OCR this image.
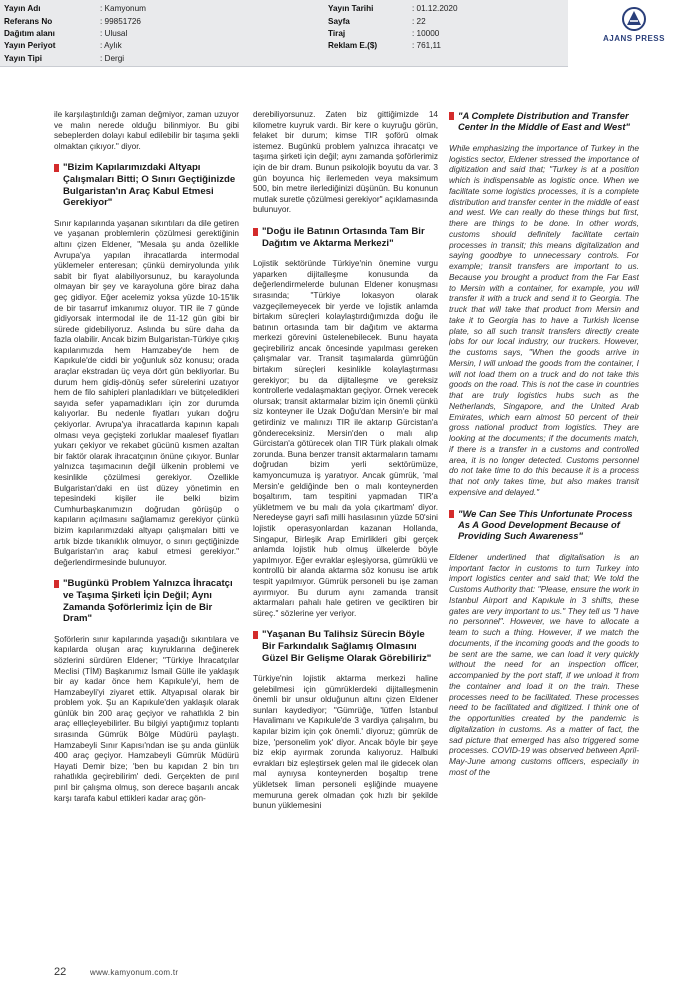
Yayın Adı	: Kamyonum	Yayın Tarihi	: 01.12.2020
Referans No	: 99851726	Sayfa	: 22
Dağıtım alanı	: Ulusal	Tiraj	: 10000
Yayın Periyot	: Aylık	Reklam E.($)	: 761,11
Yayın Tipi	: Dergi
AJANS PRESS

ile karşılaştırıldığı zaman değmiyor, zaman uzuyor ve malın nerede olduğu bilinmiyor. Bu gibi sebeplerden dolayı kabul edilebilir bir taşıma şekli olmaktan çıkıyor." diyor.

"Bizim Kapılarımızdaki Altyapı Çalışmaları Bitti; O Sınırı Geçtiğinizde Bulgaristan'ın Araç Kabul Etmesi Gerekiyor"

Sınır kapılarında yaşanan sıkıntıları da dile getiren ve yaşanan problemlerin çözülmesi gerektiğinin altını çizen Eldener, "Mesala şu anda özellikle Avrupa'ya yapılan ihracatlarda intermodal yüklemeler enteresan; çünkü demiryolunda yılık sabit bir fiyat alabiliyorsunuz, bu karayolunda olmayan bir şey ve karayoluna göre biraz daha geç gidiyor. Eğer acelemiz yoksa yüzde 10-15'lik de bir tasarruf imkanımız oluyor. TIR ile 7 günde gidiyorsak intermodal ile de 11-12 gün gibi bir sürede gidebiliyoruz. Aslında bu süre daha da fazla olabilir. Ancak bizim Bulgaristan-Türkiye çıkış kapılarımızda hem Hamzabey'de hem de Kapıkule'de ciddi bir yoğunluk söz konusu; orada araçlar ekstradan üç veya dört gün bekliyorlar. Bu durum hem gidiş-dönüş sefer sürelerini uzatıyor hem de filo sahipleri planladıkları ve bütçeledikleri sayıda sefer yapamadıkları için zor durumda kalıyorlar. Bu nedenle fiyatları yukarı doğru çekiyorlar. Avrupa'ya ihracatlarda kapının kapalı olması veya geçişteki zorluklar maalesef fiyatları yukarı çekiyor ve rekabet gücünü kısmen azaltan bir faktör olarak ihracatçının önüne çıkıyor. Bunlar yalnızca taşımacının değil ülkenin problemi ve kesinlikle çözülmesi gerekiyor. Özellikle Bulgaristan'daki en üst düzey yönetimin en tepesindeki kişiler ile belki bizim Cumhurbaşkanımızın doğrudan görüşüp o kapıların açılmasını sağlamamız gerekiyor çünkü bizim kapılarımızdaki altyapı çalışmaları bitti ve artık bizde tıkanıklık olmuyor, o sınırı geçtiğinizde Bulgaristan'ın araç kabul etmesi gerekiyor." değerlendirmesinde bulunuyor.

"Bugünkü Problem Yalnızca İhracatçı ve Taşıma Şirketi İçin Değil; Aynı Zamanda Şoförlerimiz İçin de Bir Dram"

Şoförlerin sınır kapılarında yaşadığı sıkıntılara ve kapılarda oluşan araç kuyruklarına değinerek sözlerini sürdüren Eldener; "Türkiye İhracatçılar Meclisi (TİM) Başkanımız İsmail Gülle ile yaklaşık bir ay kadar önce hem Kapıkule'yi, hem de Hamzabeyli'yi ziyaret ettik. Altyapısal olarak bir problem yok. Şu an Kapıkule'den yaklaşık olarak günlük bin 200 araç geçiyor ve rahatlıkla 2 bin araç ellleçleyebilirler. Bu bilgiyi yaptığımız toplantı sırasında Gümrük Bölge Müdürü paylaştı. Hamzabeyli Sınır Kapısı'ndan ise şu anda günlük 400 araç geçiyor. Hamzabeyli Gümrük Müdürü Hayati Demir bize; 'ben bu kapıdan 2 bin tırı rahatlıkla geçirebilirim' dedi. Gerçekten de pırıl pırıl bir çalışma olmuş, son derece başarılı ancak karşı tarafa kabul ettikleri kadar araç gön-

derebiliyorsunuz. Zaten biz gittiğimizde 14 kilometre kuyruk vardı. Bir kere o kuyruğu görün, felaket bir durum; kimse TIR şoförü olmak istemez. Bugünkü problem yalnızca ihracatçı ve taşıma şirketi için değil; aynı zamanda şoförlerimiz için de bir dram. Bunun psikolojik boyutu da var. 3 gün boyunca hiç ilerlemeden veya maksimum 500, bin metre ilerlediğinizi düşünün. Bu konunun mutlak suretle çözülmesi gerekiyor" açıklamasında bulunuyor.

"Doğu ile Batının Ortasında Tam Bir Dağıtım ve Aktarma Merkezi"

Lojistik sektöründe Türkiye'nin önemine vurgu yaparken dijitalleşme konusunda da değerlendirmelerde bulunan Eldener konuşması sırasında; "Türkiye lokasyon olarak vazgeçilemeyecek bir yerde ve lojistik anlamda birtakım süreçleri kolaylaştırdığımızda doğu ile batının ortasında tam bir dağıtım ve aktarma merkezi görevini üstelenebilecek. Bunu hayata geçirebiliriz ancak öncesinde yapılması gereken çalışmalar var. Transit taşımalarda gümrüğün birtakım süreçleri kesinlikle kolaylaştırması gerekiyor; bu da dijitalleşme ve gereksiz kontrollerle vedalaşmaktan geçiyor. Örnek verecek olursak; transit aktarmalar bizim için önemli çünkü siz konteyner ile Uzak Doğu'dan Mersin'e bir mal getirdiniz ve malınızı TIR ile aktarıp Gürcistan'a göndereceksiniz. Mersin'den o malı alıp Gürcistan'a götürecek olan TIR Türk plakalı olmak zorunda. Buna benzer transit aktarmaların tamamı doğrudan bizim yerli sektörümüze, kamyoncumuza iş yaratıyor. Ancak gümrük, 'mal Mersin'e geldiğinde ben o malı konteynerden boşaltırım, tam tespitini yapmadan TIR'a yükletmem ve bu malı da yola çıkartmam' diyor. Neredeyse gayri safi milli hasılasının yüzde 50'sini lojistik operasyonlardan kazanan Hollanda, Singapur, Birleşik Arap Emirlikleri gibi gerçek anlamda lojistik hub olmuş ülkelerde böyle yapılmıyor. Eğer evraklar eşleşiyorsa, gümrüklü ve kontrollü bir alanda aktarma söz konusu ise artık tespit yapılmıyor. Gümrük personeli bu işe zaman ayırmıyor. Bu durum aynı zamanda transit aktarmaları pahalı hale getiren ve geciktiren bir süreç." sözlerine yer veriyor.

"Yaşanan Bu Talihsiz Sürecin Böyle Bir Farkındalık Sağlamış Olmasını Güzel Bir Gelişme Olarak Görebiliriz"

Türkiye'nin lojistik aktarma merkezi haline gelebilmesi için gümrüklerdeki dijitalleşmenin önemli bir unsur olduğunun altını çizen Eldener sunları kaydediyor; "Gümrüğe, 'lütfen İstanbul Havalimanı ve Kapıkule'de 3 vardiya çalışalım, bu kapılar bizim için çok önemli.' diyoruz; gümrük de bize, 'personelim yok' diyor. Ancak böyle bir şeye biz ekip ayırmak zorunda kalıyoruz. Halbuki evrakları biz eşleştirsek gelen mal ile gidecek olan mal aynıysa konteynerden boşaltıp trene yükletsek liman personeli eşliğinde muayene memuruna gerek olmadan çok hızlı bir şekilde bunun yüklemesini

"A Complete Distribution and Transfer Center In the Middle of East and West"

While emphasizing the importance of Turkey in the logistics sector, Eldener stressed the importance of digitization and said that; "Turkey is at a position which is indispensable as logistic once. When we facilitate some logistics processes, it is a complete distribution and transfer center in the middle of east and west. We can really do these things but first, there are things to be done. In other words, customs should definitely facilitate certain processes in transit; this means digitalization and saying goodbye to unnecessary controls. For example; transit transfers are important to us. Because you brought a product from the Far East to Mersin with a container, for example, you will transfer it with a truck and send it to Georgia. The truck that will take that product from Mersin and take it to Georgia has to have a Turkish license plate, so all such transit transfers directly create jobs for our local industry, our truckers. However, the customs says, "When the goods arrive in Mersin, I will unload the goods from the container, I will not load them on a truck and do not take this goods on the road. This is not the case in countries that are truly logistics hubs such as the Netherlands, Singapore, and the United Arab Emirates, which earn almost 50 percent of their gross national product from logistics. They are looking at the documents; if the documents match, if there is a transfer in a customs and controlled area, it is no longer detected. Customs personnel do not take time to do this because it is a process that not only takes time, but also makes transit expensive and delayed."

"We Can See This Unfortunate Process As A Good Development Because of Providing Such Awareness"

Eldener underlined that digitalisation is an important factor in customs to turn Turkey into import logistics center and said that; We told the Customs Authority that: "Please, ensure the work in Istanbul Airport and Kapıkule in 3 shifts, these gates are very important to us." They tell us "I have no personnel". However, we have to allocate a team to such a thing. However, if we match the documents, if the incoming goods and the goods to be sent are the same, we can load it very quickly without the need for an inspection officer, accompanied by the port staff, if we unload it from the container and load it on the train. These processes need to be facilitated. These processes need to be facilitated and digitized. I think one of the opportunities created by the pandemic is digitalization in customs. As a matter of fact, the sad picture that emerged has also triggered some processes. COVID-19 was observed between April-May-June among customs officers, especially in most of the

22	www.kamyonum.com.tr
